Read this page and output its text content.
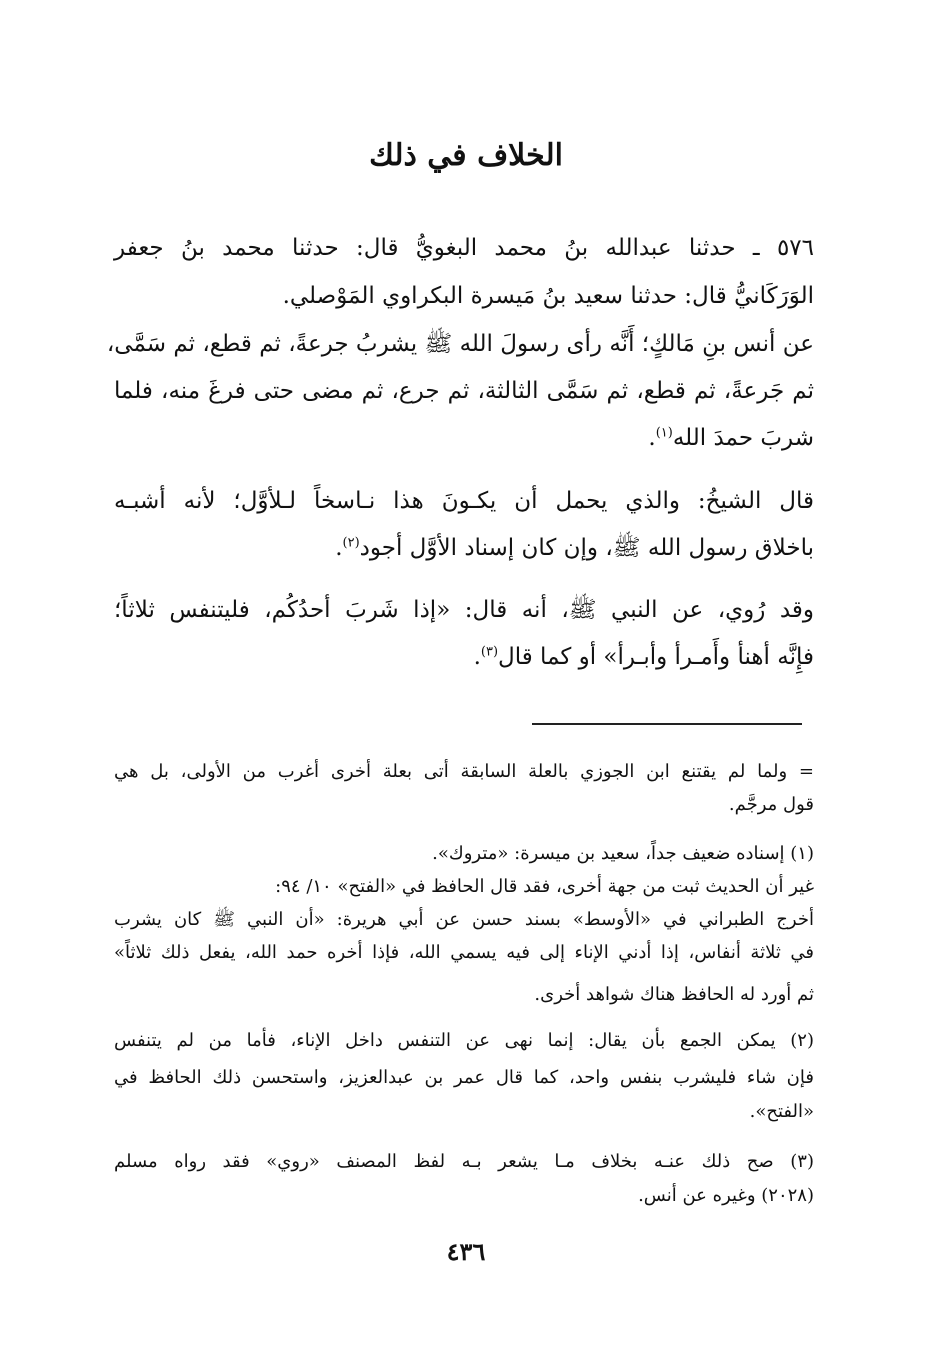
الخلاف في ذلك
٥٧٦ ـ حدثنا عبدالله بنُ محمد البغويُّ قال: حدثنا محمد بنُ جعفر
الوَرَكَانيُّ قال: حدثنا سعيد بنُ مَيسرة البكراوي المَوْصلي.
عن أنس بنِ مَالكٍ؛ أَنَّه رأى رسولَ الله ﷺ يشربُ جرعةً، ثم قطع، ثم سَمَّى،
ثم جَرعةً، ثم قطع، ثم سَمَّى الثالثة، ثم جرع، ثم مضى حتى فرغَ منه، فلما
شربَ حمدَ الله$^{(١)}$.
قال الشيخُ: والذي يحمل أن يكـونَ هذا نـاسخاً لـلأوَّل؛ لأنه أشبـه
باخلاق رسول الله ﷺ، وإن كان إسناد الأوَّل أجود$^{(٢)}$.
وقد رُوي، عن النبي ﷺ، أنه قال: «إذا شَربَ أحدُكُم، فليتنفس ثلاثاً؛
فإِنَّه أهنأ وأَمـرأ وأبـرأ» أو كما قال$^{(٣)}$.
= ولما لم يقتنع ابن الجوزي بالعلة السابقة أتى بعلة أخرى أغرب من الأولى، بل هي
قول مرجَّم.
(١) إسناده ضعيف جداً، سعيد بن ميسرة: «متروك».
غير أن الحديث ثبت من جهة أخرى، فقد قال الحافظ في «الفتح» ١٠/ ٩٤:
أخرج الطبراني في «الأوسط» بسند حسن عن أبي هريرة: «أن النبي ﷺ كان يشرب
في ثلاثة أنفاس، إذا أدني الإناء إلى فيه يسمي الله، فإذا أخره حمد الله، يفعل ذلك ثلاثاً»
ثم أورد له الحافظ هناك شواهد أخرى.
(٢) يمكن الجمع بأن يقال: إنما نهى عن التنفس داخل الإناء، فأما من لم يتنفس
فإن شاء فليشرب بنفس واحد، كما قال عمر بن عبدالعزيز، واستحسن ذلك الحافظ في
«الفتح».
(٣) صح ذلك عنـه بخلاف مـا يشعر بـه لفظ المصنف «روي» فقد رواه مسلم
(٢٠٢٨) وغيره عن أنس.
٤٣٦
